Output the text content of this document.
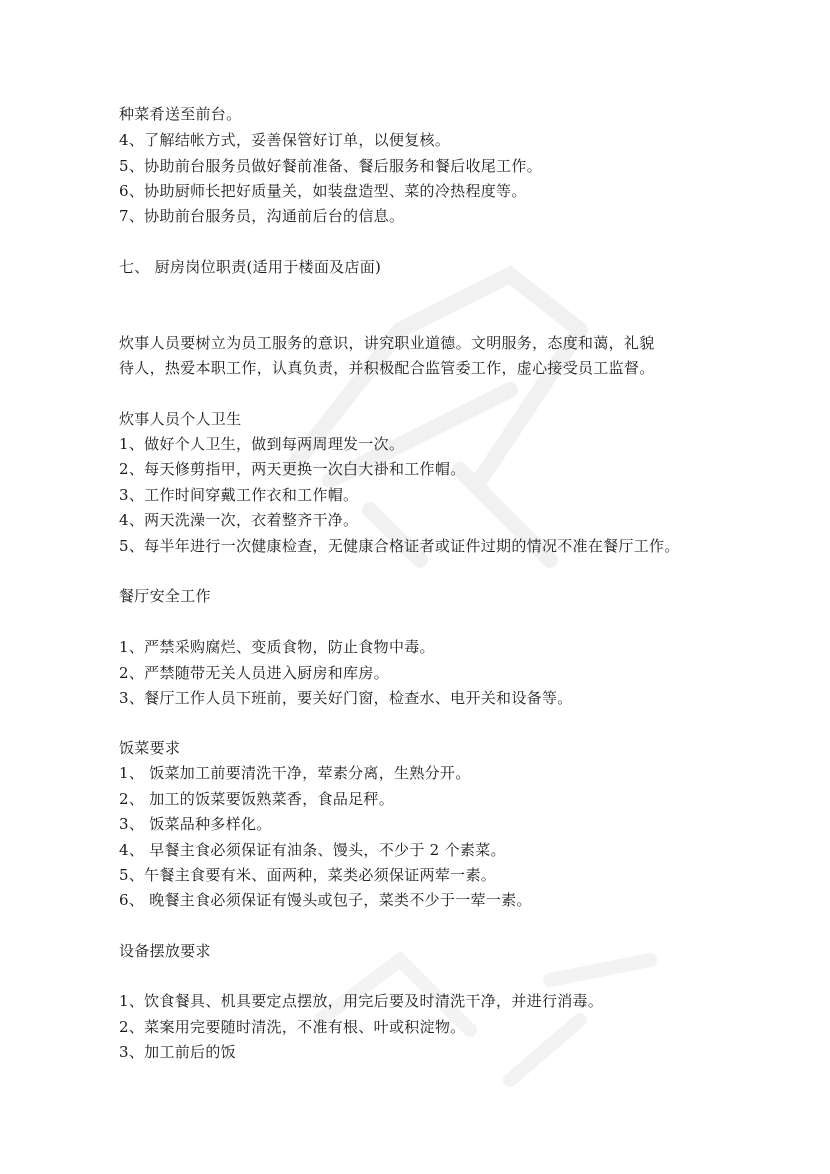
种菜肴送至前台。
4、了解结帐方式，妥善保管好订单，以便复核。
5、协助前台服务员做好餐前准备、餐后服务和餐后收尾工作。
6、协助厨师长把好质量关，如装盘造型、菜的冷热程度等。
7、协助前台服务员，沟通前后台的信息。
七、 厨房岗位职责(适用于楼面及店面)
炊事人员要树立为员工服务的意识，讲究职业道德。文明服务，态度和蔼，礼貌
待人，热爱本职工作，认真负责，并积极配合监管委工作，虚心接受员工监督。
炊事人员个人卫生
1、做好个人卫生，做到每两周理发一次。
2、每天修剪指甲，两天更换一次白大褂和工作帽。
3、工作时间穿戴工作衣和工作帽。
4、两天洗澡一次，衣着整齐干净。
5、每半年进行一次健康检查，无健康合格证者或证件过期的情况不准在餐厅工作。
餐厅安全工作
1、严禁采购腐烂、变质食物，防止食物中毒。
2、严禁随带无关人员进入厨房和库房。
3、餐厅工作人员下班前，要关好门窗，检查水、电开关和设备等。
饭菜要求
1、 饭菜加工前要清洗干净，荤素分离，生熟分开。
2、 加工的饭菜要饭熟菜香，食品足秤。
3、 饭菜品种多样化。
4、 早餐主食必须保证有油条、馒头，不少于 2 个素菜。
5、午餐主食要有米、面两种，菜类必须保证两荤一素。
6、 晚餐主食必须保证有馒头或包子，菜类不少于一荤一素。
设备摆放要求
1、饮食餐具、机具要定点摆放，用完后要及时清洗干净，并进行消毒。
2、菜案用完要随时清洗，不准有根、叶或积淀物。
3、加工前后的饭
